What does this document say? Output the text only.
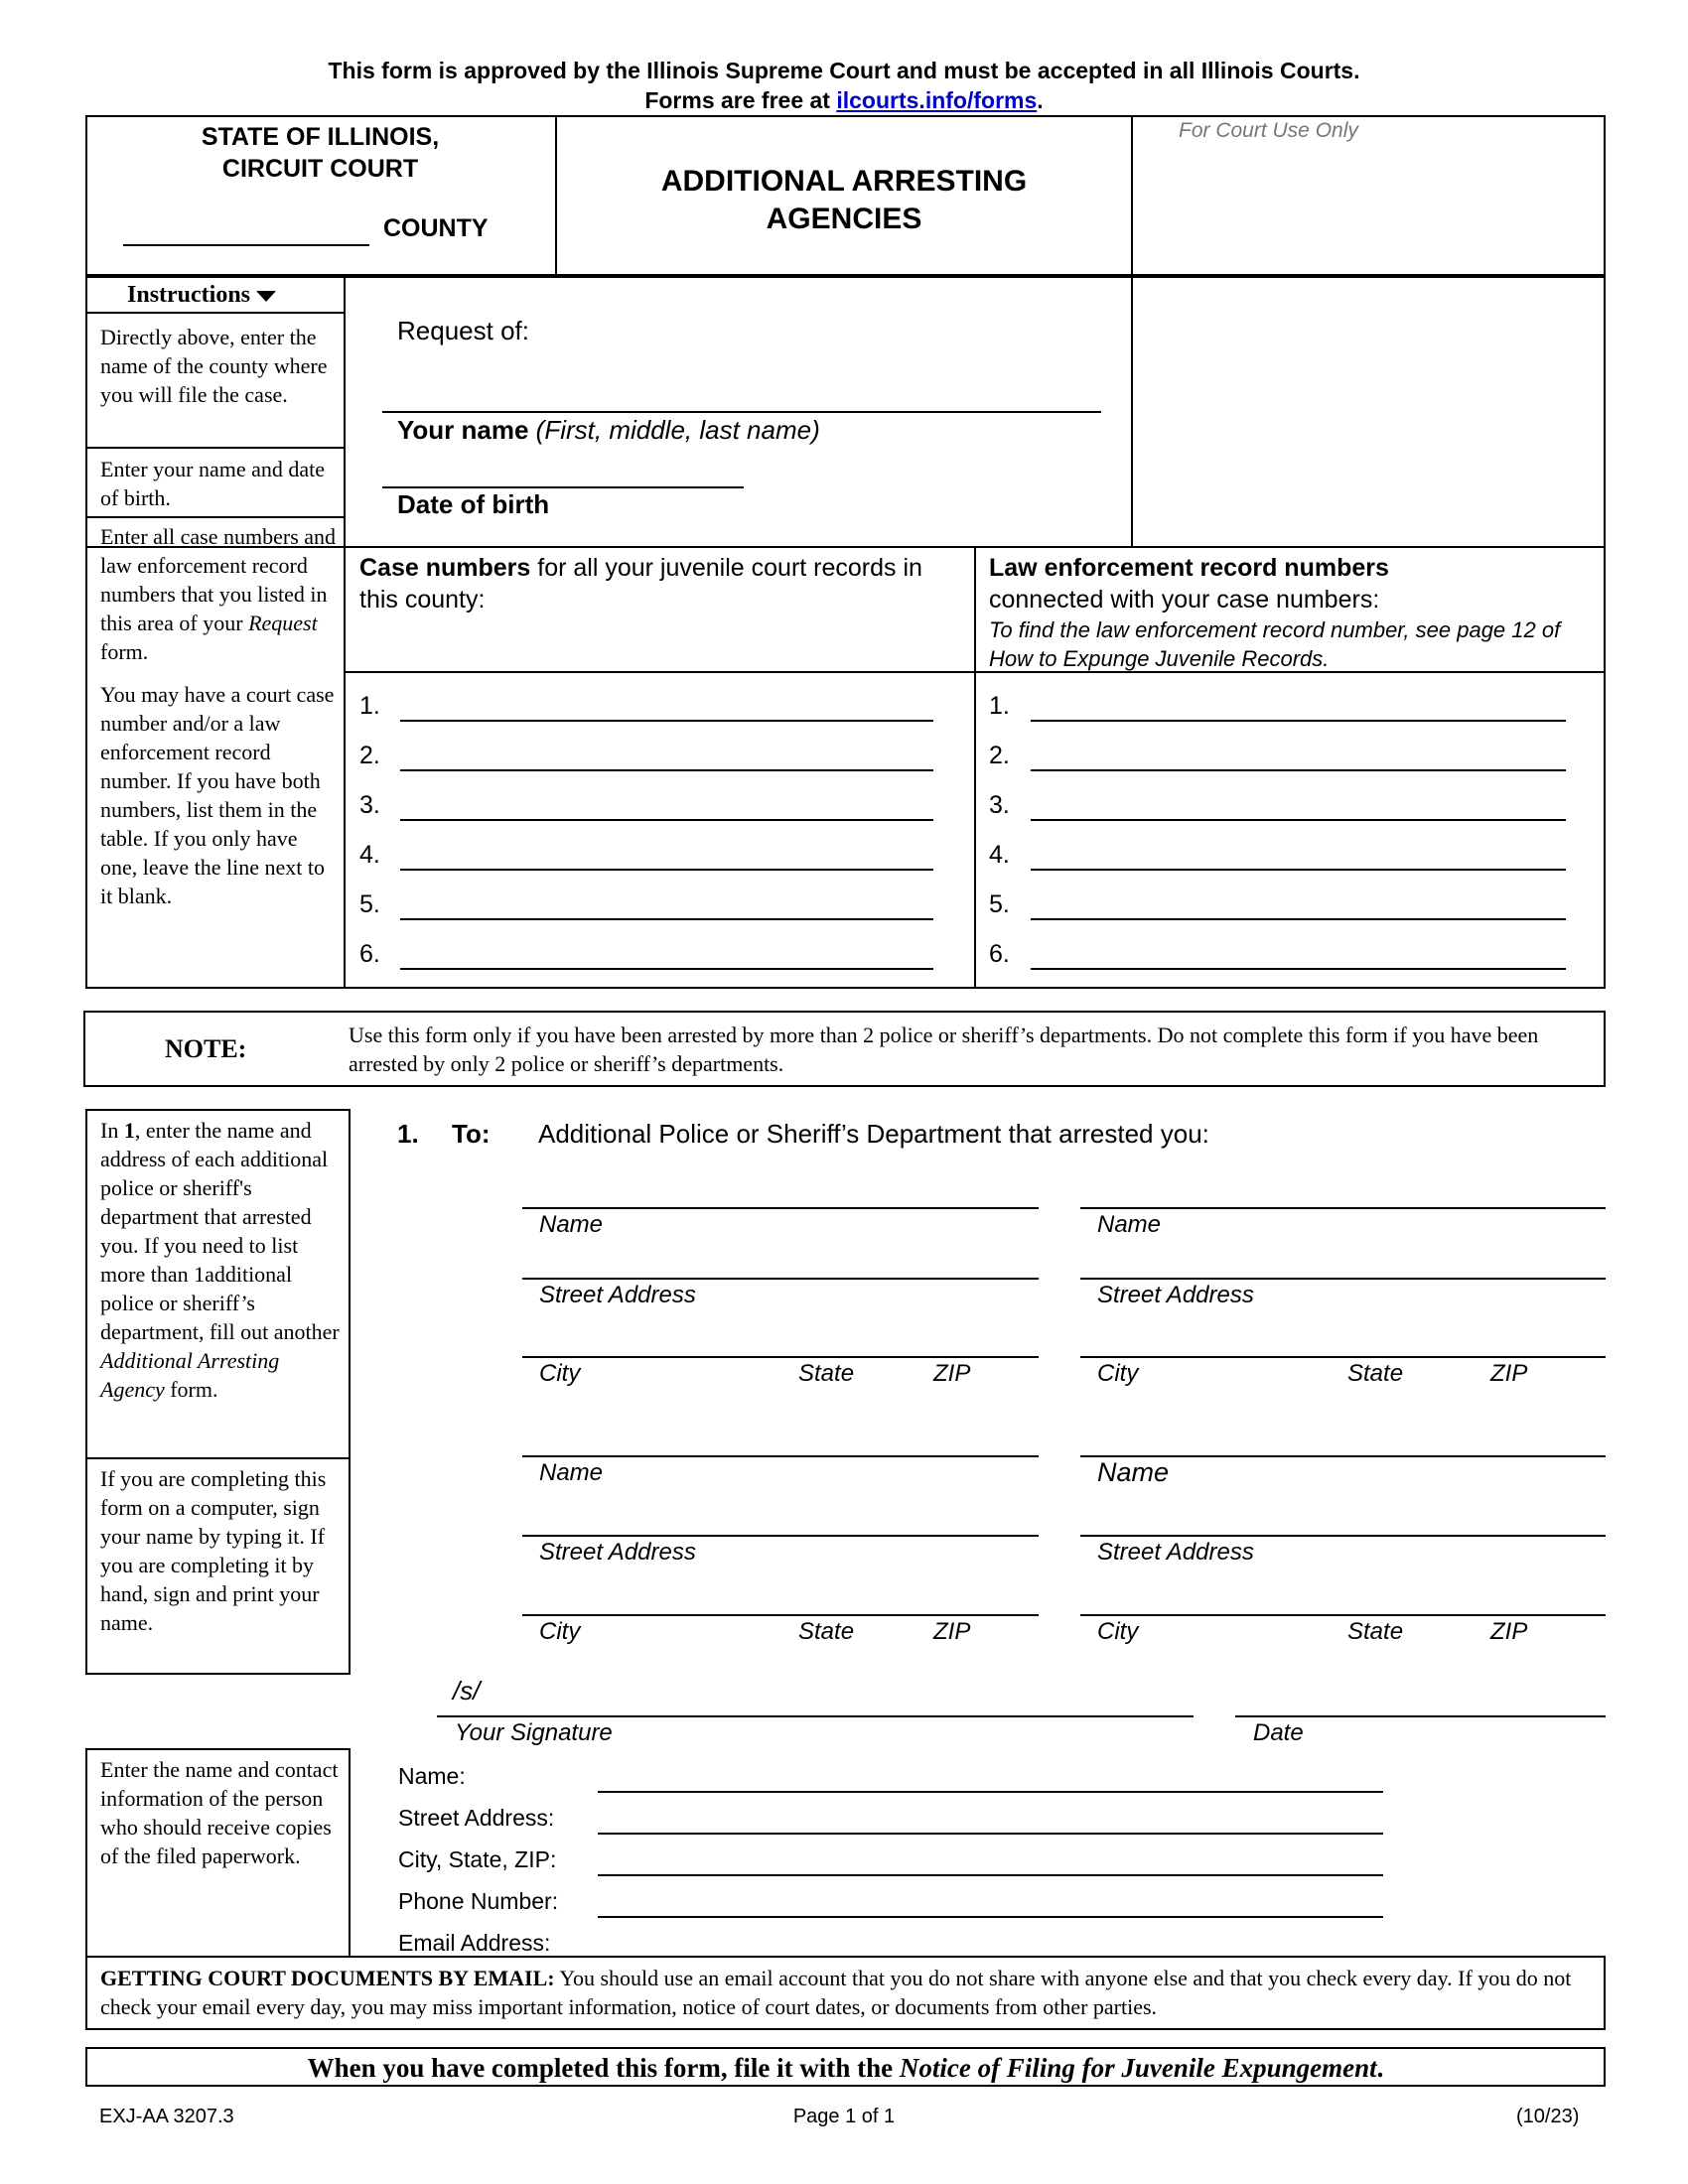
This form is approved by the Illinois Supreme Court and must be accepted in all Illinois Courts.
Forms are free at ilcourts.info/forms.
STATE OF ILLINOIS,
CIRCUIT COURT
COUNTY
ADDITIONAL ARRESTING
AGENCIES
For Court Use Only
Instructions
Directly above, enter the name of the county where you will file the case.
Enter your name and date of birth.
Enter all case numbers and law enforcement record numbers that you listed in this area of your Request form.
You may have a court case number and/or a law enforcement record number. If you have both numbers, list them in the table. If you only have one, leave the line next to it blank.
Request of:
Your name (First, middle, last name)
Date of birth
Case numbers for all your juvenile court records in this county:
Law enforcement record numbers
connected with your case numbers:
To find the law enforcement record number, see page 12 of How to Expunge Juvenile Records.
1.
2.
3.
4.
5.
6.
1.
2.
3.
4.
5.
6.
NOTE:	Use this form only if you have been arrested by more than 2 police or sheriff’s departments. Do not complete this form if you have been arrested by only 2 police or sheriff’s departments.
In 1, enter the name and address of each additional police or sheriff's department that arrested you. If you need to list more than 1additional police or sheriff’s department, fill out another Additional Arresting Agency form.
If you are completing this form on a computer, sign your name by typing it. If you are completing it by hand, sign and print your name.
1. To: Additional Police or Sheriff’s Department that arrested you:
Name
Street Address
City	State	ZIP
Name
Street Address
City	State	ZIP
Name
Street Address
City	State	ZIP
Name
Street Address
City	State	ZIP
/s/
Your Signature	Date
Enter the name and contact information of the person who should receive copies of the filed paperwork.
Name:
Street Address:
City, State, ZIP:
Phone Number:
Email Address:
GETTING COURT DOCUMENTS BY EMAIL: You should use an email account that you do not share with anyone else and that you check every day. If you do not check your email every day, you may miss important information, notice of court dates, or documents from other parties.
When you have completed this form, file it with the Notice of Filing for Juvenile Expungement.
EXJ-AA 3207.3	Page 1 of 1	(10/23)
